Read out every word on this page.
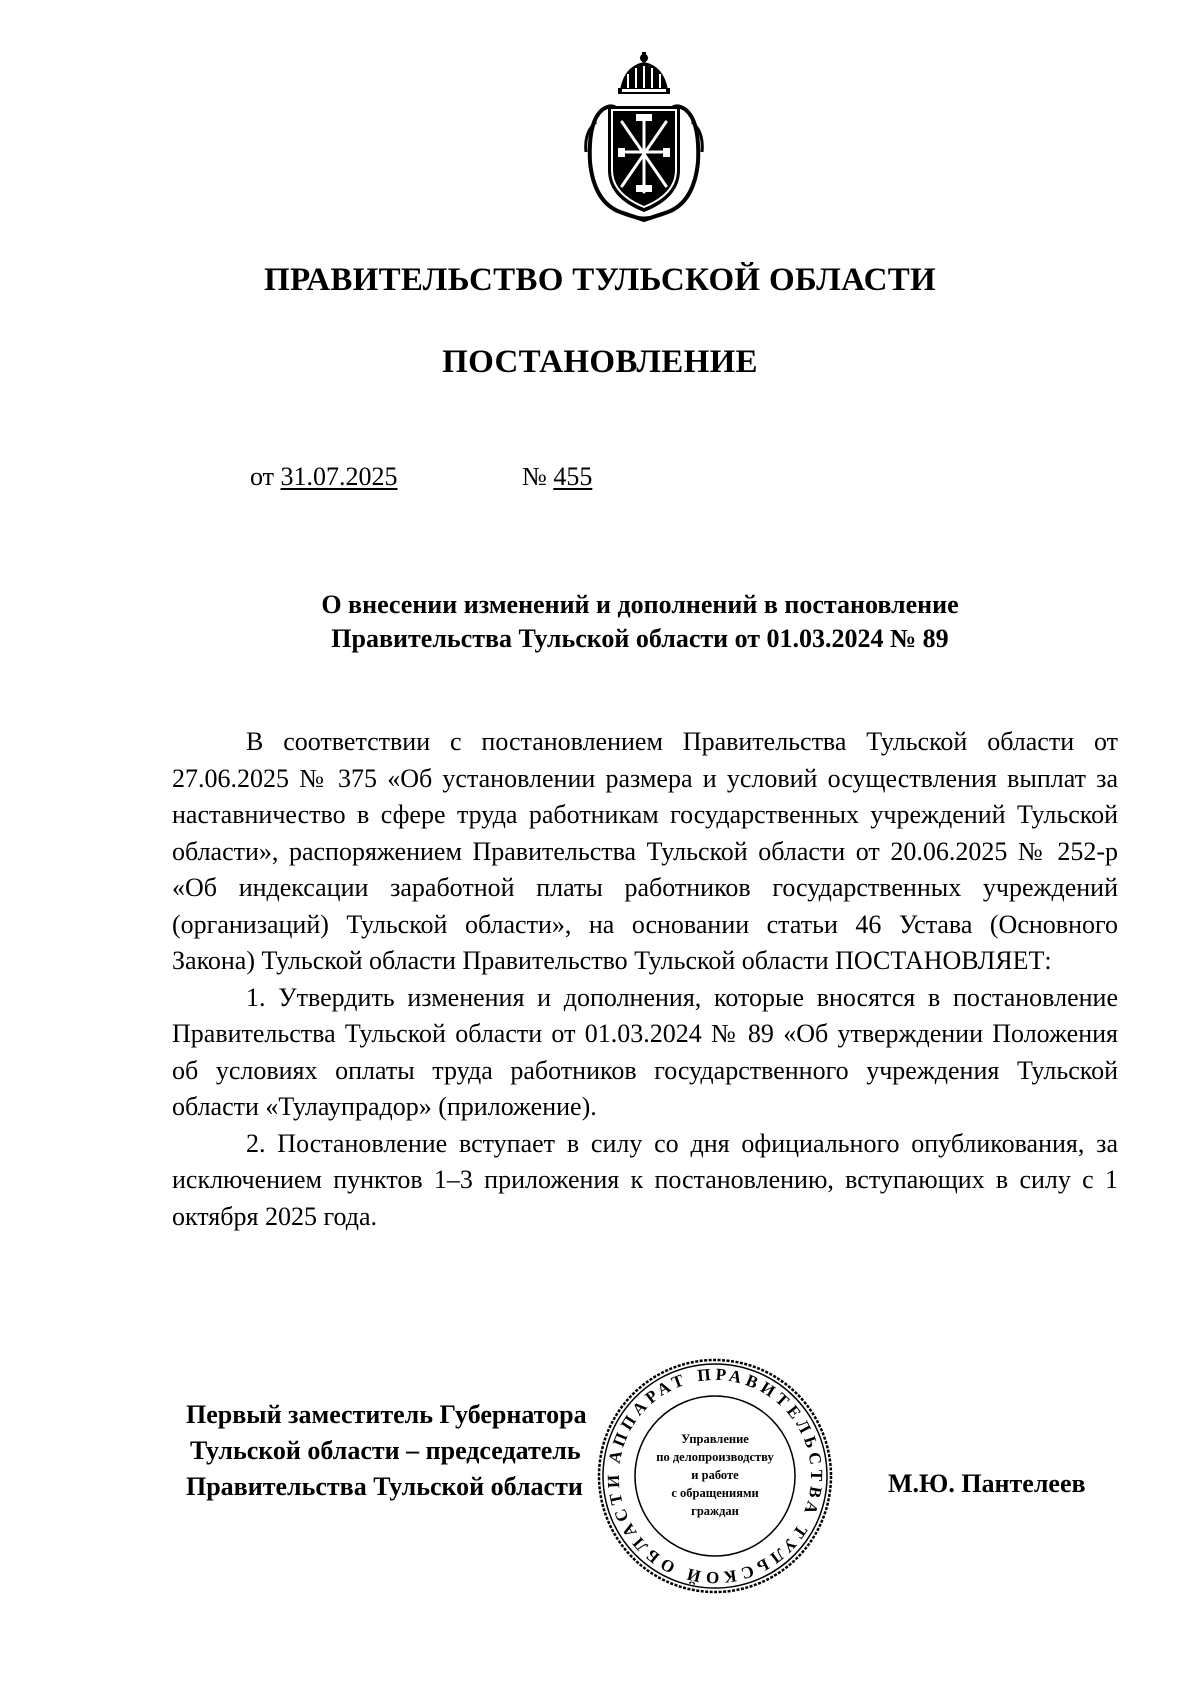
ПРАВИТЕЛЬСТВО ТУЛЬСКОЙ ОБЛАСТИ
ПОСТАНОВЛЕНИЕ
от 31.07.2025	№ 455
О внесении изменений и дополнений в постановление
Правительства Тульской области от 01.03.2024 № 89

В соответствии с постановлением Правительства Тульской области от 27.06.2025 № 375 «Об установлении размера и условий осуществления выплат за наставничество в сфере труда работникам государственных учреждений Тульской области», распоряжением Правительства Тульской области от 20.06.2025 № 252-р «Об индексации заработной платы работников государственных учреждений (организаций) Тульской области», на основании статьи 46 Устава (Основного Закона) Тульской области Правительство Тульской области ПОСТАНОВЛЯЕТ:

1. Утвердить изменения и дополнения, которые вносятся в постановление Правительства Тульской области от 01.03.2024 № 89 «Об утверждении Положения об условиях оплаты труда работников государственного учреждения Тульской области «Тулаупрадор» (приложение).

2. Постановление вступает в силу со дня официального опубликования, за исключением пунктов 1–3 приложения к постановлению, вступающих в силу с 1 октября 2025 года.

Первый заместитель Губернатора
Тульской области – председатель
Правительства Тульской области	М.Ю. Пантелеев
АППАРАТ ПРАВИТЕЛЬСТВА ТУЛЬСКОЙ ОБЛАСТИ
Управление
по делопроизводству
и работе
с обращениями
граждан
